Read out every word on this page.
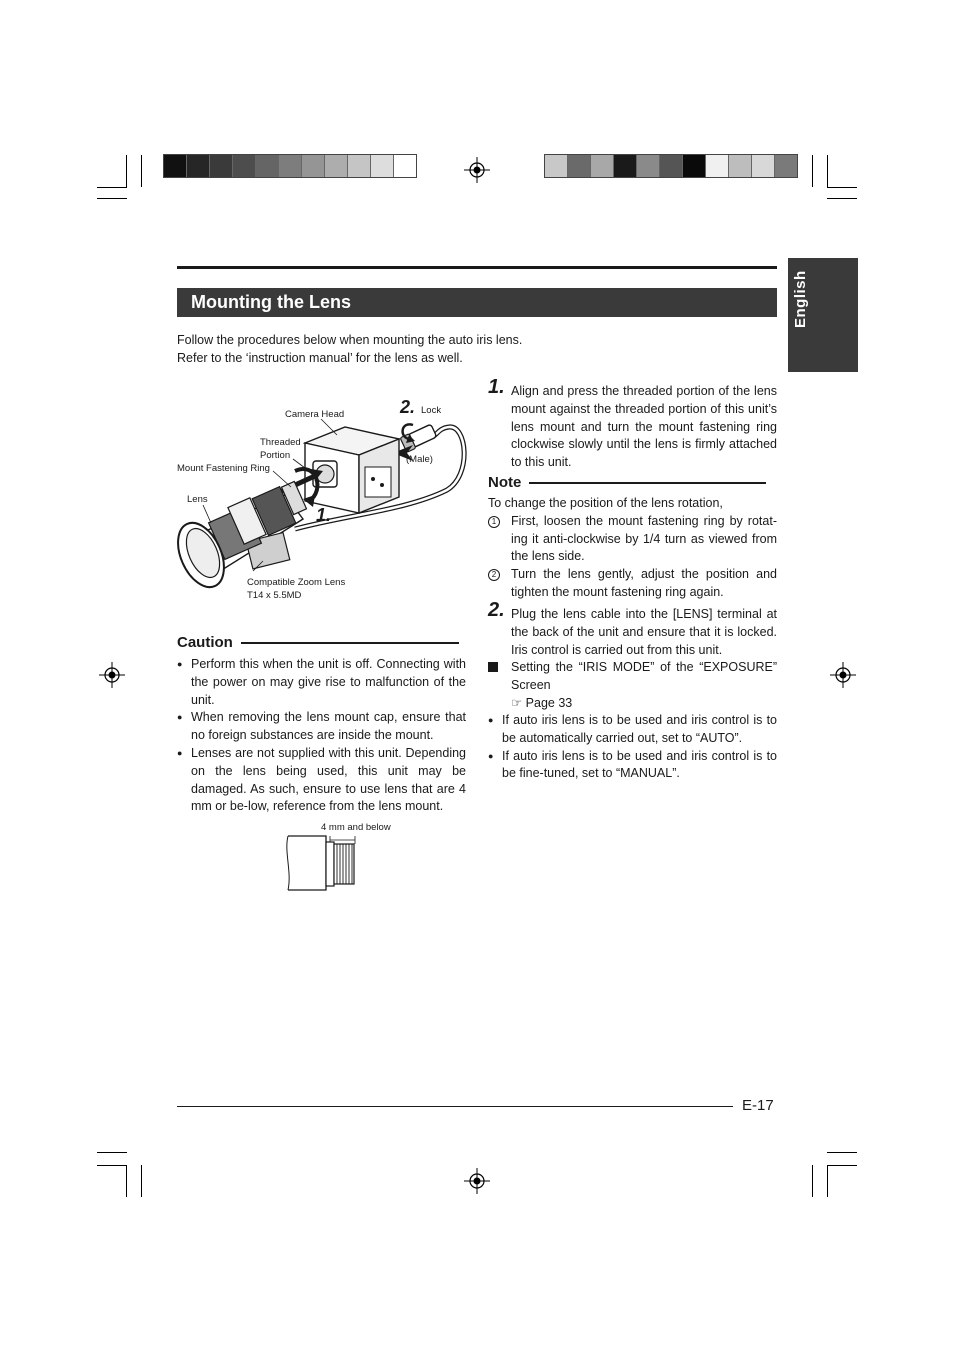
Mounting the Lens	English

Follow the procedures below when mounting the auto iris lens.

Refer to the ‘instruction manual’ for the lens as well.

Camera Head
Threaded
Portion
Mount Fastening Ring
Lens
Lock
(Male)
2.
1.
Compatible Zoom Lens
T14 x 5.5MD
Caution
● Perform this when the unit is off. Connecting with the power on may give rise to malfunction of the unit.
● When removing the lens mount cap, ensure that no foreign substances are inside the mount.
● Lenses are not supplied with this unit. Depending on the lens being used, this unit may be damaged. As such, ensure to use lens that are 4 mm or be-low, reference from the lens mount.
4 mm and below
1. Align and press the threaded portion of the lens mount against the threaded portion of this unit’s lens mount and turn the mount fastening ring clockwise slowly until the lens is firmly attached to this unit.
Note
To change the position of the lens rotation,
1	First, loosen the mount fastening ring by rotat-ing it anti-clockwise by 1/4 turn as viewed from the lens side.
2	Turn the lens gently, adjust the position and tighten the mount fastening ring again.
2. Plug the lens cable into the [LENS] terminal at the back of the unit and ensure that it is locked. Iris control is carried out from this unit.
Setting the “IRIS MODE” of the “EXPOSURE” Screen
☞ Page 33
● If auto iris lens is to be used and iris control is to be automatically carried out, set to “AUTO”.
● If auto iris lens is to be used and iris control is to be fine-tuned, set to “MANUAL”.
E-17
